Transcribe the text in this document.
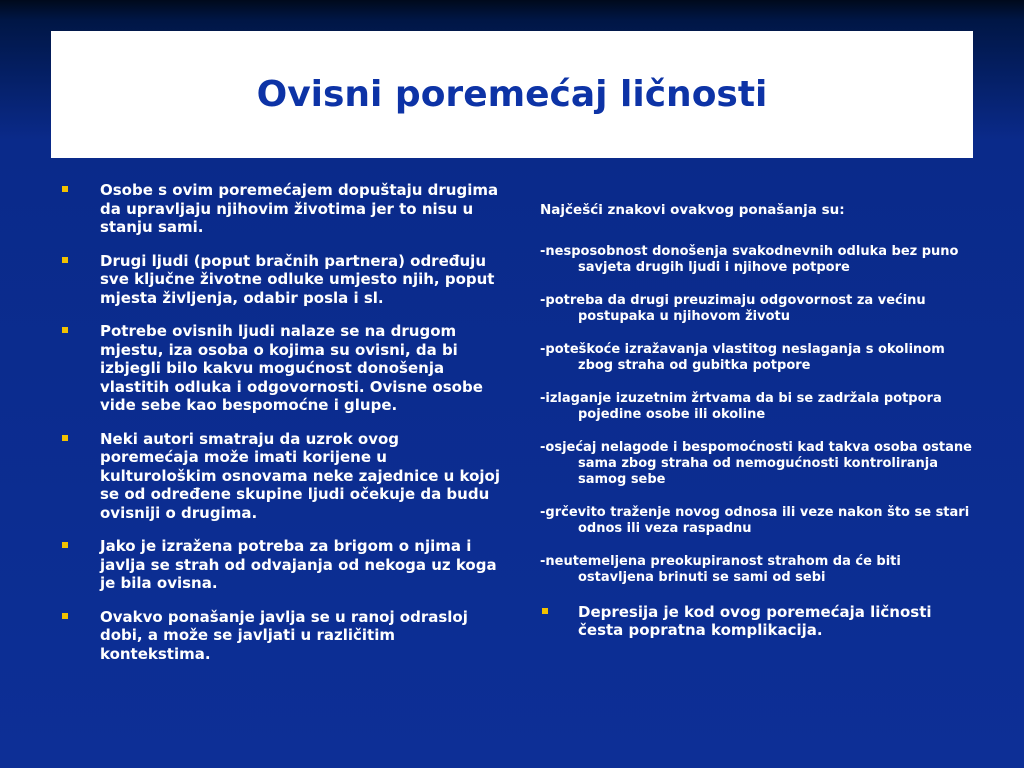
Ovisni poremećaj ličnosti
Osobe s ovim poremećajem dopuštaju drugima da upravljaju njihovim životima jer to nisu u stanju sami.
Drugi ljudi (poput bračnih partnera) određuju sve ključne životne odluke umjesto njih, poput mjesta življenja, odabir posla i sl.
Potrebe ovisnih ljudi nalaze se na drugom mjestu, iza osoba o kojima su ovisni, da bi izbjegli bilo kakvu mogućnost donošenja vlastitih odluka i odgovornosti. Ovisne osobe vide sebe kao bespomoćne i glupe.
Neki autori smatraju da uzrok ovog poremećaja može imati korijene u kulturološkim osnovama neke zajednice u kojoj se od određene skupine ljudi očekuje da budu ovisniji o drugima.
Jako je izražena potreba za brigom o njima i javlja se strah od odvajanja od nekoga uz koga je bila ovisna.
Ovakvo ponašanje javlja se u ranoj odrasloj dobi, a može se javljati u različitim kontekstima.
Najčešći znakovi ovakvog ponašanja su:
-nesposobnost donošenja svakodnevnih odluka bez puno savjeta drugih ljudi i njihove potpore
-potreba da drugi preuzimaju odgovornost za većinu postupaka u njihovom životu
-poteškoće izražavanja vlastitog neslaganja s okolinom zbog straha od gubitka potpore
-izlaganje izuzetnim žrtvama da bi se zadržala potpora pojedine osobe ili okoline
-osjećaj nelagode i bespomoćnosti kad takva osoba ostane sama zbog straha od nemogućnosti kontroliranja samog sebe
-grčevito traženje novog odnosa ili veze nakon što se stari odnos ili veza raspadnu
-neutemeljena preokupiranost strahom da će biti ostavljena brinuti se sami od sebi
Depresija je kod ovog poremećaja ličnosti česta popratna komplikacija.
